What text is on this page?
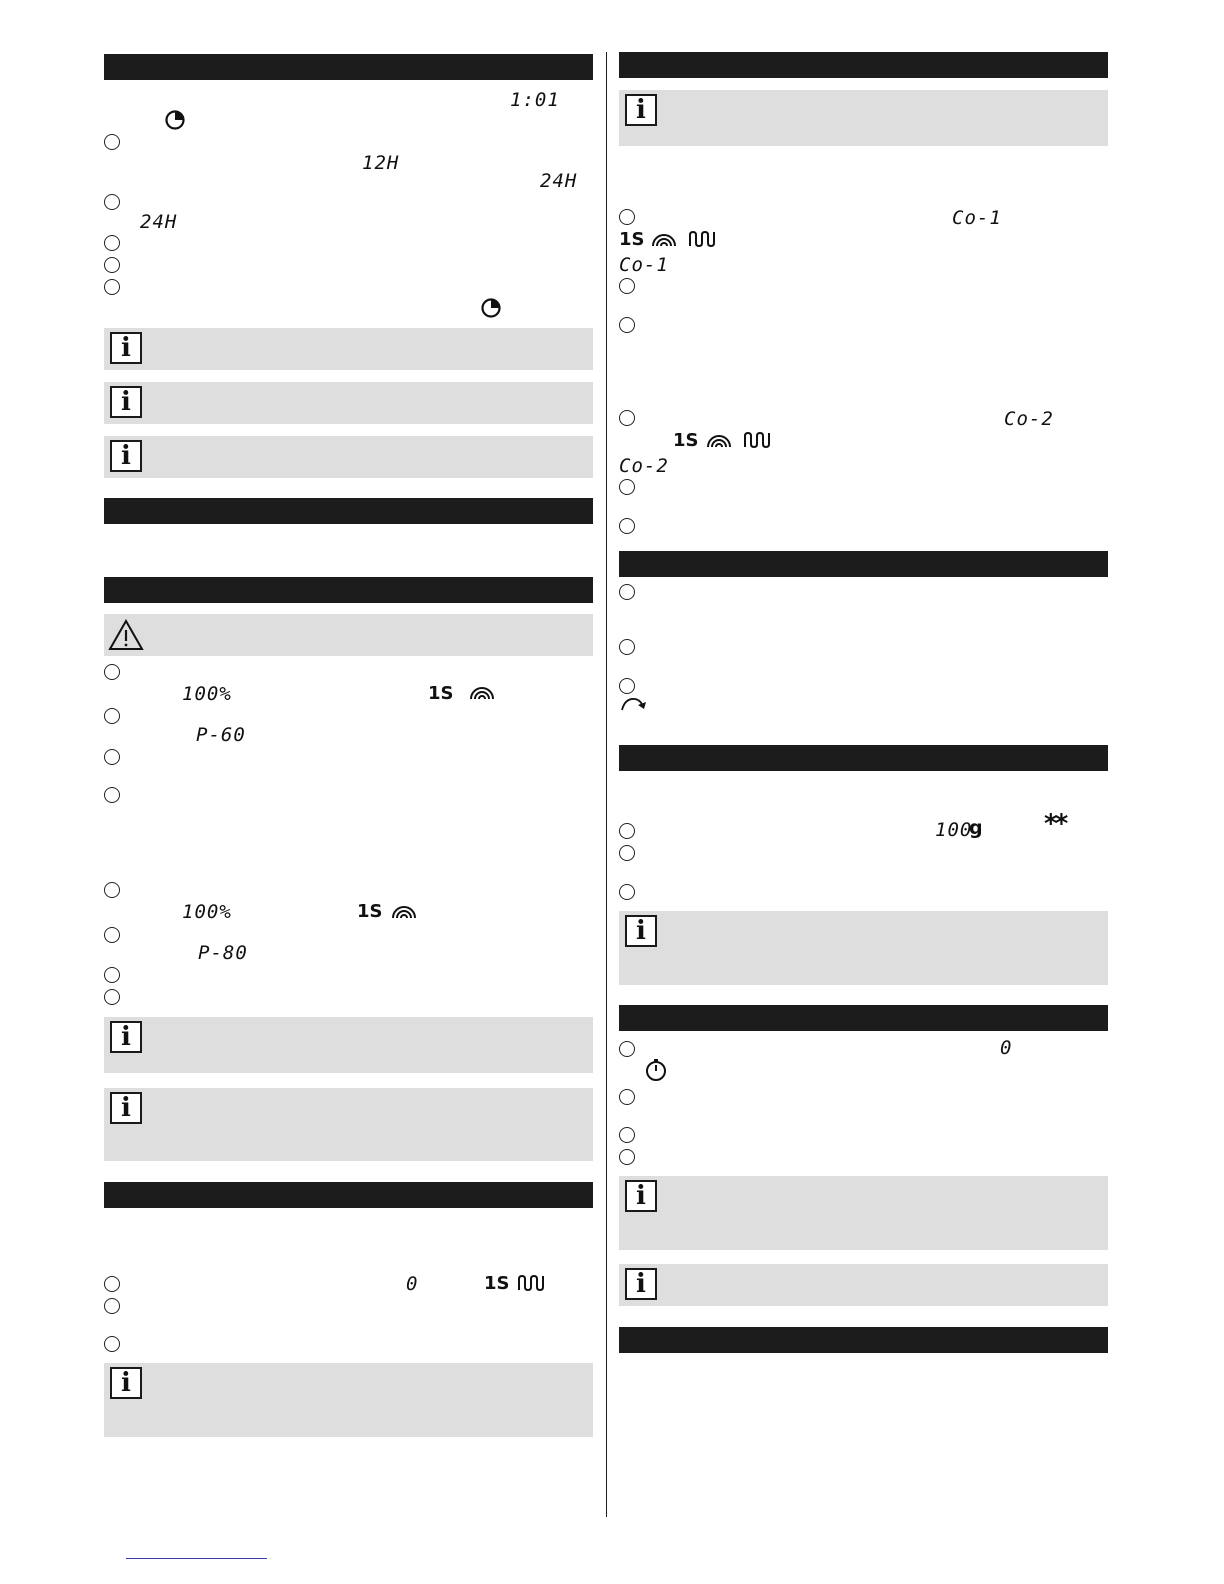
1:01
12H
24H
24H
i
i
i
100%	1S
P-60
100%	1S
P-80
i
i
0	1S
i
i
Co-1
1S
Co-1
Co-2
1S
Co-2
100
g **
i
0
i
i
